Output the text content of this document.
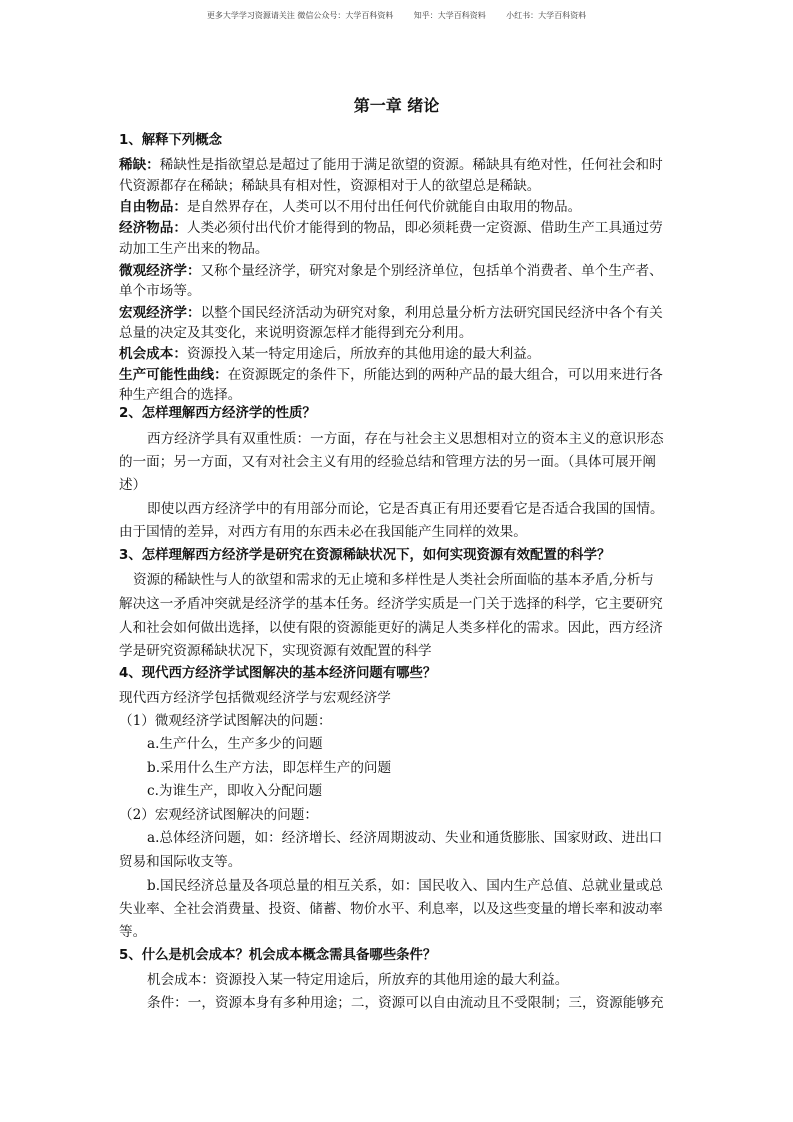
更多大学学习资源请关注 微信公众号：大学百科资料        知乎：大学百科资料        小红书：大学百科资料
第一章 绪论
1、解释下列概念
稀缺：稀缺性是指欲望总是超过了能用于满足欲望的资源。稀缺具有绝对性，任何社会和时
代资源都存在稀缺；稀缺具有相对性，资源相对于人的欲望总是稀缺。
自由物品：是自然界存在，人类可以不用付出任何代价就能自由取用的物品。
经济物品：人类必须付出代价才能得到的物品，即必须耗费一定资源、借助生产工具通过劳
动加工生产出来的物品。
微观经济学：又称个量经济学，研究对象是个别经济单位，包括单个消费者、单个生产者、
单个市场等。
宏观经济学：以整个国民经济活动为研究对象，利用总量分析方法研究国民经济中各个有关
总量的决定及其变化，来说明资源怎样才能得到充分利用。
机会成本：资源投入某一特定用途后，所放弃的其他用途的最大利益。
生产可能性曲线：在资源既定的条件下，所能达到的两种产品的最大组合，可以用来进行各
种生产组合的选择。
2、怎样理解西方经济学的性质？
西方经济学具有双重性质：一方面，存在与社会主义思想相对立的资本主义的意识形态
的一面；另一方面，又有对社会主义有用的经验总结和管理方法的另一面。（具体可展开阐
述）
即使以西方经济学中的有用部分而论，它是否真正有用还要看它是否适合我国的国情。
由于国情的差异，对西方有用的东西未必在我国能产生同样的效果。
3、怎样理解西方经济学是研究在资源稀缺状况下，如何实现资源有效配置的科学？
资源的稀缺性与人的欲望和需求的无止境和多样性是人类社会所面临的基本矛盾,分析与
解决这一矛盾冲突就是经济学的基本任务。经济学实质是一门关于选择的科学，它主要研究
人和社会如何做出选择，以使有限的资源能更好的满足人类多样化的需求。因此，西方经济
学是研究资源稀缺状况下，实现资源有效配置的科学
4、现代西方经济学试图解决的基本经济问题有哪些？
现代西方经济学包括微观经济学与宏观经济学
（1）微观经济学试图解决的问题：
a.生产什么，生产多少的问题
b.采用什么生产方法，即怎样生产的问题
c.为谁生产，即收入分配问题
（2）宏观经济试图解决的问题：
a.总体经济问题，如：经济增长、经济周期波动、失业和通货膨胀、国家财政、进出口
贸易和国际收支等。
b.国民经济总量及各项总量的相互关系，如：国民收入、国内生产总值、总就业量或总
失业率、全社会消费量、投资、储蓄、物价水平、利息率，以及这些变量的增长率和波动率
等。
5、什么是机会成本？机会成本概念需具备哪些条件？
机会成本：资源投入某一特定用途后，所放弃的其他用途的最大利益。
条件：一，资源本身有多种用途；二，资源可以自由流动且不受限制；三，资源能够充
